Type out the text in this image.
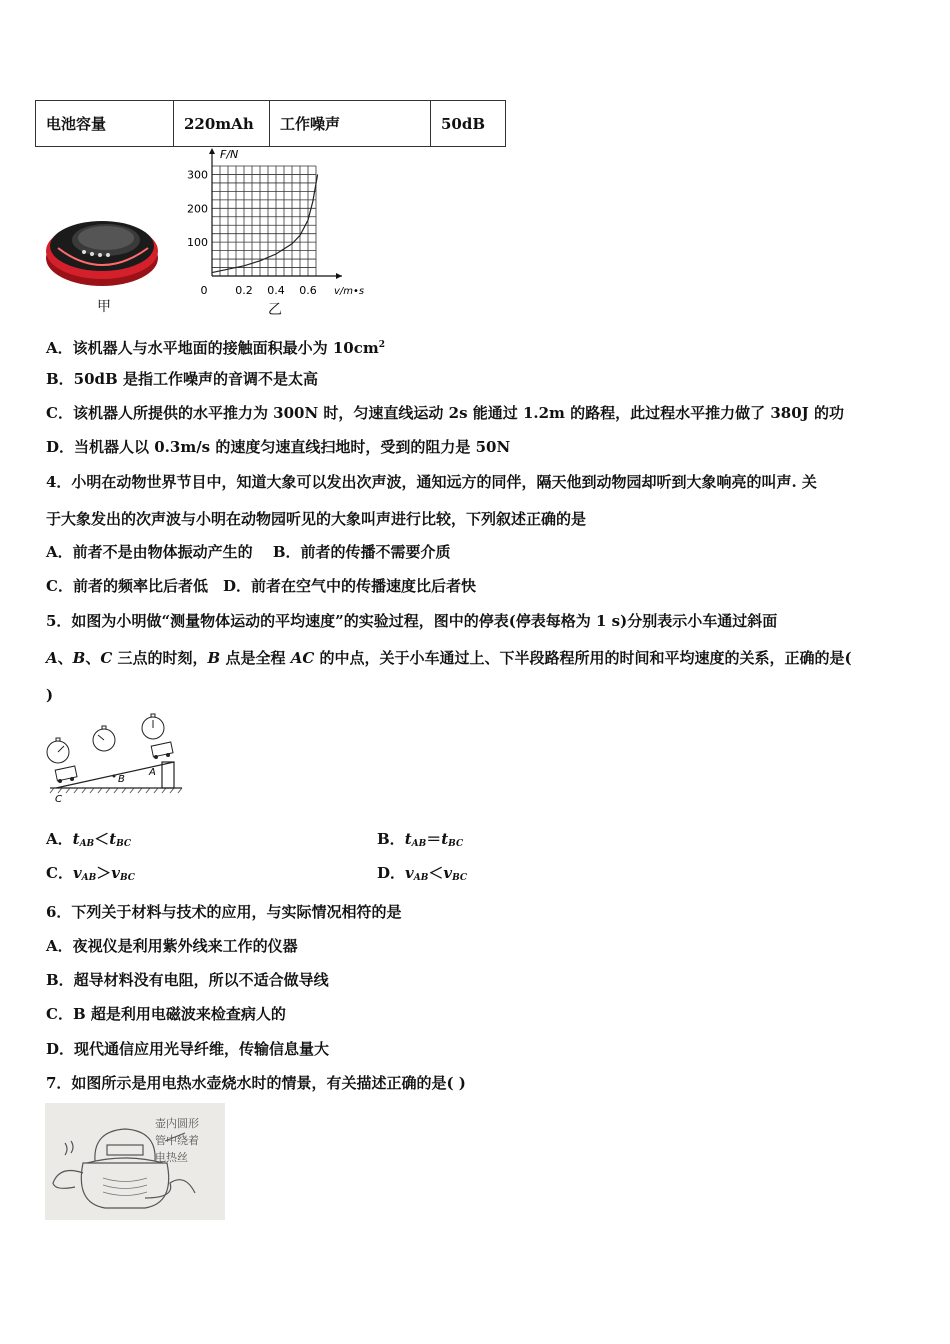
电池容量	220mAh	工作噪声	50dB
甲
300
200
100
0	0.2 0.4 0.6
F/N
v/m•s
乙
A．该机器人与水平地面的接触面积最小为 $10cm^2$
B．50dB 是指工作噪声的音调不是太高
C．该机器人所提供的水平推力为 300N 时，匀速直线运动 2s 能通过 1.2m 的路程，此过程水平推力做了 380J 的功
D．当机器人以 0.3m/s 的速度匀速直线扫地时，受到的阻力是 50N
4．小明在动物世界节目中，知道大象可以发出次声波，通知远方的同伴，隔天他到动物园却听到大象响亮的叫声. 关
于大象发出的次声波与小明在动物园听见的大象叫声进行比较，下列叙述正确的是
A．前者不是由物体振动产生的　 B．前者的传播不需要介质
C．前者的频率比后者低　D．前者在空气中的传播速度比后者快
5．如图为小明做“测量物体运动的平均速度”的实验过程，图中的停表(停表每格为 1 s)分别表示小车通过斜面
A、B、C 三点的时刻，B 点是全程 AC 的中点，关于小车通过上、下半段路程所用的时间和平均速度的关系，正确的是(
)
A
B
C
A．$t_{AB}<t_{BC}$	B．$t_{AB}=t_{BC}$
C．$v_{AB}>v_{BC}$	D．$v_{AB}<v_{BC}$
6．下列关于材料与技术的应用，与实际情况相符的是
A．夜视仪是利用紫外线来工作的仪器
B．超导材料没有电阻，所以不适合做导线
C．B 超是利用电磁波来检查病人的
D．现代通信应用光导纤维，传输信息量大
7．如图所示是用电热水壶烧水时的情景，有关描述正确的是( )
壶内圆形
管中绕着
电热丝
